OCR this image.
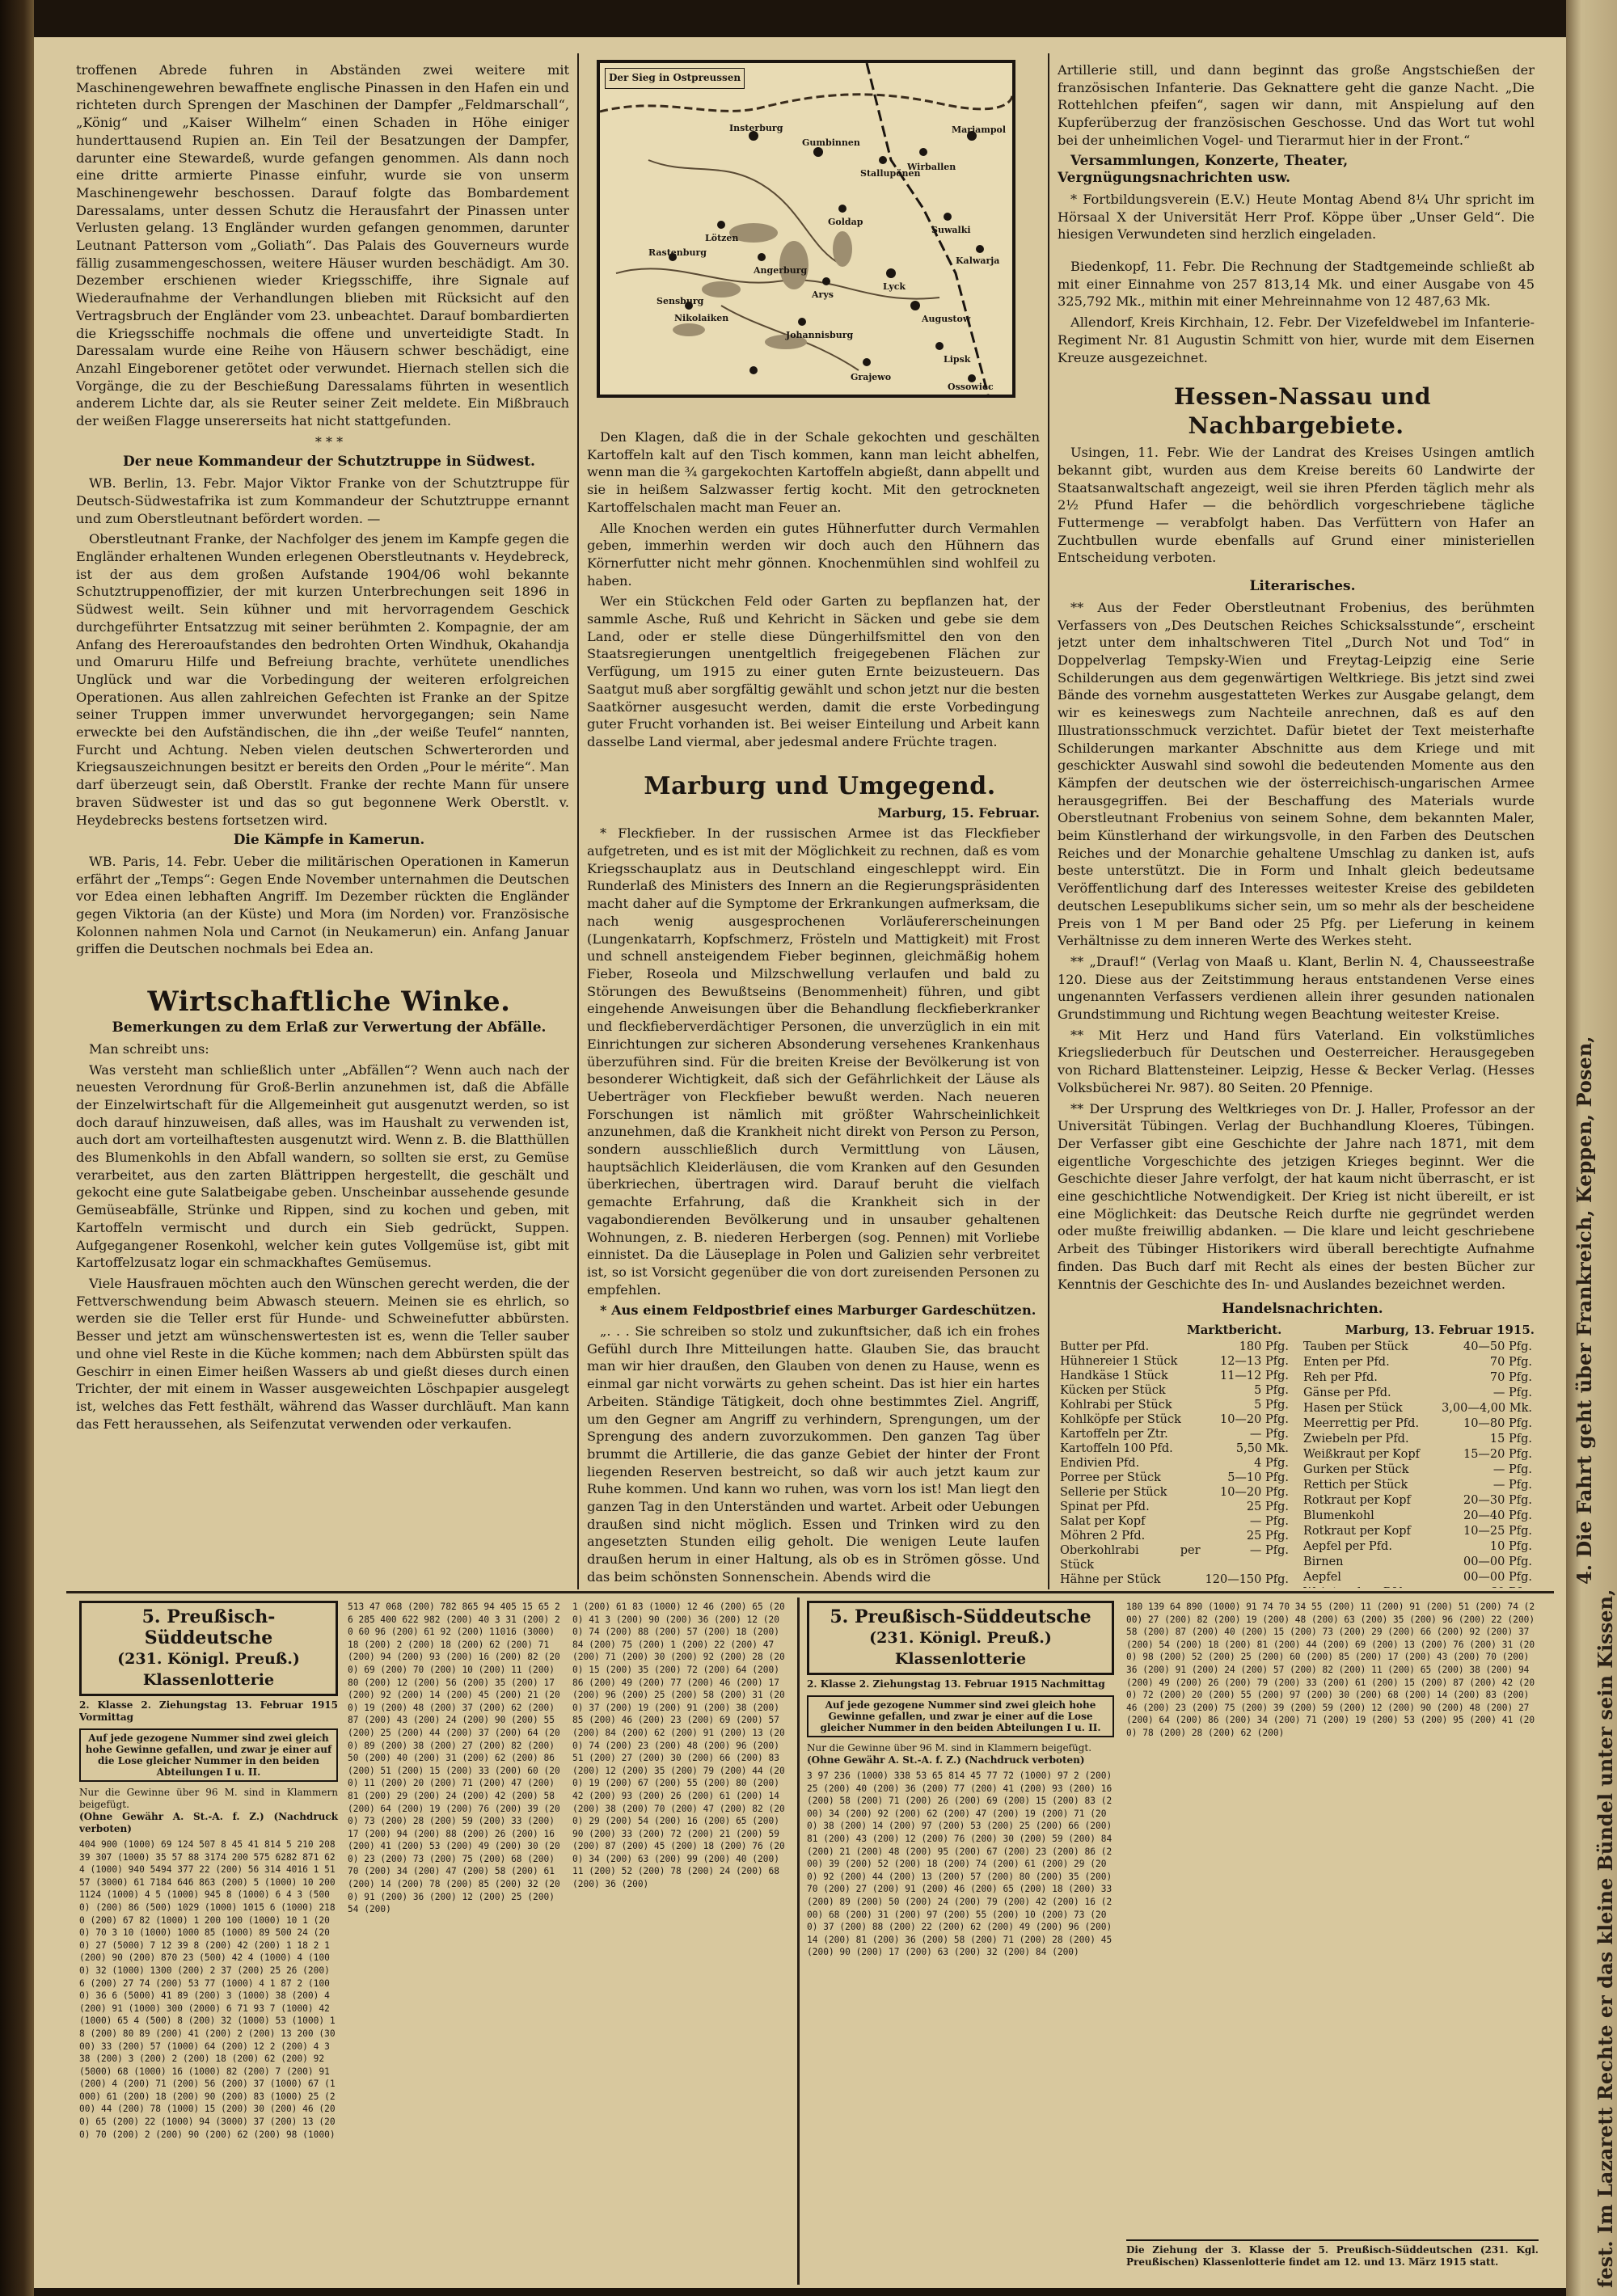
troffenen Abrede fuhren in Abständen zwei weitere mit Maschinengewehren bewaffnete englische Pinassen in den Hafen ein und richteten durch Sprengen der Maschinen der Dampfer „Feldmarschall“, „König“ und „Kaiser Wilhelm“ einen Schaden in Höhe einiger hunderttausend Rupien an. Ein Teil der Besatzungen der Dampfer, darunter eine Stewardeß, wurde gefangen genommen. Als dann noch eine dritte armierte Pinasse einfuhr, wurde sie von unserm Maschinengewehr beschossen. Darauf folgte das Bombardement Daressalams, unter dessen Schutz die Herausfahrt der Pinassen unter Verlusten gelang. 13 Engländer wurden gefangen genommen, darunter Leutnant Patterson vom „Goliath“. Das Palais des Gouverneurs wurde fällig zusammengeschossen, weitere Häuser wurden beschädigt. Am 30. Dezember erschienen wieder Kriegsschiffe, ihre Signale auf Wiederaufnahme der Verhandlungen blieben mit Rücksicht auf den Vertragsbruch der Engländer vom 23. unbeachtet. Darauf bombardierten die Kriegsschiffe nochmals die offene und unverteidigte Stadt. In Daressalam wurde eine Reihe von Häusern schwer beschädigt, eine Anzahl Eingeborener getötet oder verwundet. Hiernach stellen sich die Vorgänge, die zu der Beschießung Daressalams führten in wesentlich anderem Lichte dar, als sie Reuter seiner Zeit meldete. Ein Mißbrauch der weißen Flagge unsererseits hat nicht stattgefunden.

* * *

Der neue Kommandeur der Schutztruppe in Südwest.

WB. Berlin, 13. Febr. Major Viktor Franke von der Schutztruppe für Deutsch-Südwestafrika ist zum Kommandeur der Schutztruppe ernannt und zum Oberstleutnant befördert worden. —

Oberstleutnant Franke, der Nachfolger des jenem im Kampfe gegen die Engländer erhaltenen Wunden erlegenen Oberstleutnants v. Heydebreck, ist der aus dem großen Aufstande 1904/06 wohl bekannte Schutztruppenoffizier, der mit kurzen Unterbrechungen seit 1896 in Südwest weilt. Sein kühner und mit hervorragendem Geschick durchgeführter Entsatzzug mit seiner berühmten 2. Kompagnie, der am Anfang des Hereroaufstandes den bedrohten Orten Windhuk, Okahandja und Omaruru Hilfe und Befreiung brachte, verhütete unendliches Unglück und war die Vorbedingung der weiteren erfolgreichen Operationen. Aus allen zahlreichen Gefechten ist Franke an der Spitze seiner Truppen immer unverwundet hervorgegangen; sein Name erweckte bei den Aufständischen, die ihn „der weiße Teufel“ nannten, Furcht und Achtung. Neben vielen deutschen Schwerterorden und Kriegsauszeichnungen besitzt er bereits den Orden „Pour le mérite“. Man darf überzeugt sein, daß Oberstlt. Franke der rechte Mann für unsere braven Südwester ist und das so gut begonnene Werk Oberstlt. v. Heydebrecks bestens fortsetzen wird.

Die Kämpfe in Kamerun.

WB. Paris, 14. Febr. Ueber die militärischen Operationen in Kamerun erfährt der „Temps“: Gegen Ende November unternahmen die Deutschen vor Edea einen lebhaften Angriff. Im Dezember rückten die Engländer gegen Viktoria (an der Küste) und Mora (im Norden) vor. Französische Kolonnen nahmen Nola und Carnot (in Neukamerun) ein. Anfang Januar griffen die Deutschen nochmals bei Edea an.

Wirtschaftliche Winke.

Bemerkungen zu dem Erlaß zur Verwertung der Abfälle.

Man schreibt uns:

Was versteht man schließlich unter „Abfällen“? Wenn auch nach der neuesten Verordnung für Groß-Berlin anzunehmen ist, daß die Abfälle der Einzelwirtschaft für die Allgemeinheit gut ausgenutzt werden, so ist doch darauf hinzuweisen, daß alles, was im Haushalt zu verwenden ist, auch dort am vorteilhaftesten ausgenutzt wird. Wenn z. B. die Blatthüllen des Blumenkohls in den Abfall wandern, so sollten sie erst, zu Gemüse verarbeitet, aus den zarten Blättrippen hergestellt, die geschält und gekocht eine gute Salatbeigabe geben. Unscheinbar aussehende gesunde Gemüseabfälle, Strünke und Rippen, sind zu kochen und geben, mit Kartoffeln vermischt und durch ein Sieb gedrückt, Suppen. Aufgegangener Rosenkohl, welcher kein gutes Vollgemüse ist, gibt mit Kartoffelzusatz logar ein schmackhaftes Gemüsemus.

Viele Hausfrauen möchten auch den Wünschen gerecht werden, die der Fettverschwendung beim Abwasch steuern. Meinen sie es ehrlich, so werden sie die Teller erst für Hunde- und Schweinefutter abbürsten. Besser und jetzt am wünschenswertesten ist es, wenn die Teller sauber und ohne viel Reste in die Küche kommen; nach dem Abbürsten spült das Geschirr in einen Eimer heißen Wassers ab und gießt dieses durch einen Trichter, der mit einem in Wasser ausgeweichten Löschpapier ausgelegt ist, welches das Fett festhält, während das Wasser durchläuft. Man kann das Fett heraussehen, als Seifenzutat verwenden oder verkaufen.

Der Sieg in Ostpreussen
Insterburg
Gumbinnen
Stallupönen
Wirballen
Marjampol
Goldap
Lyck
Suwalki
Angerburg
Lötzen
Nikolaiken	Augustow
Johannisburg
Rastenburg
Sensburg
Arys
Kalwarja
Lipsk
Grajewo
Ossowiec

Den Klagen, daß die in der Schale gekochten und geschälten Kartoffeln kalt auf den Tisch kommen, kann man leicht abhelfen, wenn man die ¾ gargekochten Kartoffeln abgießt, dann abpellt und sie in heißem Salzwasser fertig kocht. Mit den getrockneten Kartoffelschalen macht man Feuer an.

Alle Knochen werden ein gutes Hühnerfutter durch Vermahlen geben, immerhin werden wir doch auch den Hühnern das Körnerfutter nicht mehr gönnen. Knochenmühlen sind wohlfeil zu haben.

Wer ein Stückchen Feld oder Garten zu bepflanzen hat, der sammle Asche, Ruß und Kehricht in Säcken und gebe sie dem Land, oder er stelle diese Düngerhilfsmittel den von den Staatsregierungen unentgeltlich freigegebenen Flächen zur Verfügung, um 1915 zu einer guten Ernte beizusteuern. Das Saatgut muß aber sorgfältig gewählt und schon jetzt nur die besten Saatkörner ausgesucht werden, damit die erste Vorbedingung guter Frucht vorhanden ist. Bei weiser Einteilung und Arbeit kann dasselbe Land viermal, aber jedesmal andere Früchte tragen.

Marburg und Umgegend.

Marburg, 15. Februar.

* Fleckfieber. In der russischen Armee ist das Fleckfieber aufgetreten, und es ist mit der Möglichkeit zu rechnen, daß es vom Kriegsschauplatz aus in Deutschland eingeschleppt wird. Ein Runderlaß des Ministers des Innern an die Regierungspräsidenten macht daher auf die Symptome der Erkrankungen aufmerksam, die nach wenig ausgesprochenen Vorläufererscheinungen (Lungenkatarrh, Kopfschmerz, Frösteln und Mattigkeit) mit Frost und schnell ansteigendem Fieber beginnen, gleichmäßig hohem Fieber, Roseola und Milzschwellung verlaufen und bald zu Störungen des Bewußtseins (Benommenheit) führen, und gibt eingehende Anweisungen über die Behandlung fleckfieberkranker und fleckfieberverdächtiger Personen, die unverzüglich in ein mit Einrichtungen zur sicheren Absonderung versehenes Krankenhaus überzuführen sind. Für die breiten Kreise der Bevölkerung ist von besonderer Wichtigkeit, daß sich der Gefährlichkeit der Läuse als Ueberträger von Fleckfieber bewußt werden. Nach neueren Forschungen ist nämlich mit größter Wahrscheinlichkeit anzunehmen, daß die Krankheit nicht direkt von Person zu Person, sondern ausschließlich durch Vermittlung von Läusen, hauptsächlich Kleiderläusen, die vom Kranken auf den Gesunden überkriechen, übertragen wird. Darauf beruht die vielfach gemachte Erfahrung, daß die Krankheit sich in der vagabondierenden Bevölkerung und in unsauber gehaltenen Wohnungen, z. B. niederen Herbergen (sog. Pennen) mit Vorliebe einnistet. Da die Läuseplage in Polen und Galizien sehr verbreitet ist, so ist Vorsicht gegenüber die von dort zureisenden Personen zu empfehlen.

* Aus einem Feldpostbrief eines Marburger Gardeschützen.

„. . . Sie schreiben so stolz und zukunftsicher, daß ich ein frohes Gefühl durch Ihre Mitteilungen hatte. Glauben Sie, das braucht man wir hier draußen, den Glauben von denen zu Hause, wenn es einmal gar nicht vorwärts zu gehen scheint. Das ist hier ein hartes Arbeiten. Ständige Tätigkeit, doch ohne bestimmtes Ziel. Angriff, um den Gegner am Angriff zu verhindern, Sprengungen, um der Sprengung des andern zuvorzukommen. Den ganzen Tag über brummt die Artillerie, die das ganze Gebiet der hinter der Front liegenden Reserven bestreicht, so daß wir auch jetzt kaum zur Ruhe kommen. Und kann wo ruhen, was vorn los ist! Man liegt den ganzen Tag in den Unterständen und wartet. Arbeit oder Uebungen draußen sind nicht möglich. Essen und Trinken wird zu den angesetzten Stunden eilig geholt. Die wenigen Leute laufen draußen herum in einer Haltung, als ob es in Strömen gösse. Und das beim schönsten Sonnenschein. Abends wird die

Artillerie still, und dann beginnt das große Angstschießen der französischen Infanterie. Das Geknattere geht die ganze Nacht. „Die Rottehlchen pfeifen“, sagen wir dann, mit Anspielung auf den Kupferüberzug der französischen Geschosse. Und das Wort tut wohl bei der unheimlichen Vogel- und Tierarmut hier in der Front.“

Versammlungen, Konzerte, Theater, Vergnügungsnachrichten usw.

* Fortbildungsverein (E.V.) Heute Montag Abend 8¼ Uhr spricht im Hörsaal X der Universität Herr Prof. Köppe über „Unser Geld“. Die hiesigen Verwundeten sind herzlich eingeladen.

Biedenkopf, 11. Febr. Die Rechnung der Stadtgemeinde schließt ab mit einer Einnahme von 257 813,14 Mk. und einer Ausgabe von 45 325,792 Mk., mithin mit einer Mehreinnahme von 12 487,63 Mk.

Allendorf, Kreis Kirchhain, 12. Febr. Der Vizefeldwebel im Infanterie-Regiment Nr. 81 Augustin Schmitt von hier, wurde mit dem Eisernen Kreuze ausgezeichnet.

Hessen-Nassau und Nachbargebiete.

Usingen, 11. Febr. Wie der Landrat des Kreises Usingen amtlich bekannt gibt, wurden aus dem Kreise bereits 60 Landwirte der Staatsanwaltschaft angezeigt, weil sie ihren Pferden täglich mehr als 2½ Pfund Hafer — die behördlich vorgeschriebene tägliche Futtermenge — verabfolgt haben. Das Verfüttern von Hafer an Zuchtbullen wurde ebenfalls auf Grund einer ministeriellen Entscheidung verboten.

Literarisches.

** Aus der Feder Oberstleutnant Frobenius, des berühmten Verfassers von „Des Deutschen Reiches Schicksalsstunde“, erscheint jetzt unter dem inhaltschweren Titel „Durch Not und Tod“ in Doppelverlag Tempsky-Wien und Freytag-Leipzig eine Serie Schilderungen aus dem gegenwärtigen Weltkriege. Bis jetzt sind zwei Bände des vornehm ausgestatteten Werkes zur Ausgabe gelangt, dem wir es keineswegs zum Nachteile anrechnen, daß es auf den Illustrationsschmuck verzichtet. Dafür bietet der Text meisterhafte Schilderungen markanter Abschnitte aus dem Kriege und mit geschickter Auswahl sind sowohl die bedeutenden Momente aus den Kämpfen der deutschen wie der österreichisch-ungarischen Armee herausgegriffen. Bei der Beschaffung des Materials wurde Oberstleutnant Frobenius von seinem Sohne, dem bekannten Maler, beim Künstlerhand der wirkungsvolle, in den Farben des Deutschen Reiches und der Monarchie gehaltene Umschlag zu danken ist, aufs beste unterstützt. Die in Form und Inhalt gleich bedeutsame Veröffentlichung darf des Interesses weitester Kreise des gebildeten deutschen Lesepublikums sicher sein, um so mehr als der bescheidene Preis von 1 M per Band oder 25 Pfg. per Lieferung in keinem Verhältnisse zu dem inneren Werte des Werkes steht.

** „Drauf!“ (Verlag von Maaß u. Klant, Berlin N. 4, Chausseestraße 120. Diese aus der Zeitstimmung heraus entstandenen Verse eines ungenannten Verfassers verdienen allein ihrer gesunden nationalen Grundstimmung und Richtung wegen Beachtung weitester Kreise.

** Mit Herz und Hand fürs Vaterland. Ein volkstümliches Kriegsliederbuch für Deutschen und Oesterreicher. Herausgegeben von Richard Blattensteiner. Leipzig, Hesse & Becker Verlag. (Hesses Volksbücherei Nr. 987). 80 Seiten. 20 Pfennige.

** Der Ursprung des Weltkrieges von Dr. J. Haller, Professor an der Universität Tübingen. Verlag der Buchhandlung Kloeres, Tübingen. Der Verfasser gibt eine Geschichte der Jahre nach 1871, mit dem eigentliche Vorgeschichte des jetzigen Krieges beginnt. Wer die Geschichte dieser Jahre verfolgt, der hat kaum nicht überrascht, er ist eine geschichtliche Notwendigkeit. Der Krieg ist nicht übereilt, er ist eine Möglichkeit: das Deutsche Reich durfte nie gegründet werden oder mußte freiwillig abdanken. — Die klare und leicht geschriebene Arbeit des Tübinger Historikers wird überall berechtigte Aufnahme finden. Das Buch darf mit Recht als eines der besten Bücher zur Kenntnis der Geschichte des In- und Auslandes bezeichnet werden.

Handelsnachrichten.

Marktbericht.	Marburg, 13. Februar 1915.
Butter per Pfd.	180 Pfg.
Hühnereier 1 Stück	12—13 Pfg.
Handkäse 1 Stück	11—12 Pfg.
Kücken per Stück	5 Pfg.
Kohlrabi per Stück	5 Pfg.
Kohlköpfe per Stück	10—20 Pfg.
Kartoffeln per Ztr.	— Pfg.
Kartoffeln 100 Pfd.	5,50 Mk.
Endivien Pfd.	4 Pfg.
Porree per Stück	5—10 Pfg.
Sellerie per Stück	10—20 Pfg.
Spinat per Pfd.	25 Pfg.
Salat per Kopf	— Pfg.
Möhren 2 Pfd.	25 Pfg.
Oberkohlrabi per Stück	— Pfg.
Hähne per Stück	120—150 Pfg.

Tauben per Stück	40—50 Pfg.
Enten per Pfd.	70 Pfg.
Reh per Pfd.	70 Pfg.
Gänse per Pfd.	— Pfg.
Hasen per Stück	3,00—4,00 Mk.
Meerrettig per Pfd.	10—80 Pfg.
Zwiebeln per Pfd.	15 Pfg.
Weißkraut per Kopf	15—20 Pfg.
Gurken per Stück	— Pfg.
Rettich per Stück	— Pfg.
Rotkraut per Kopf	20—30 Pfg.
Blumenkohl	20—40 Pfg.
Rotkraut per Kopf	10—25 Pfg.
Aepfel per Pfd.	10 Pfg.
Birnen	00—00 Pfg.
Aepfel	00—00 Pfg.

5. Preußisch-Süddeutsche
(231. Königl. Preuß.) Klassenlotterie
2. Klasse 2. Ziehungstag 13. Februar 1915 Vormittag
Auf jede gezogene Nummer sind zwei gleich hohe Gewinne gefallen, und zwar je einer auf die Lose gleicher Nummer in den beiden Abteilungen I u. II.
Nur die Gewinne über 96 M. sind in Klammern beigefügt.
(Ohne Gewähr A. St.-A. f. Z.) (Nachdruck verboten)
404 900 (1000) 69 124 507 8 45 41 814 5 210 208 39 307 (1000) 35 57 88 3174 200 575 6282 871 624 (1000) 940 5494 377 22 (200) 56 314 4016 1 51 57 (3000) 61 7184 646 863 (200) 5 (1000) 10 200 1124 (1000) 4 5 (1000) 945 8 (1000) 6 4 3 (5000) (200) 86 (500) 1029 (1000) 1015 6 (1000) 2180 (200) 67 82 (1000) 1 200 100 (1000) 10 1 (200) 70 3 10 (1000) 1000 85 (1000) 89 500 24 (200) 27 (5000) 7 12 39 8 (200) 42 (200) 1 18 2 1 (200) 90 (200) 870 23 (500) 42 4 (1000) 4 (1000) 32 (1000) 1300 (200) 2 37 (200) 25 26 (200) 6 (200) 27 74 (200) 53 77 (1000) 4 1 87 2 (1000) 36 6 (5000) 41 89 (200) 3 (1000) 38 (200) 4 (200) 91 (1000) 300 (2000) 6 71 93 7 (1000) 42 (1000) 65 4 (500) 8 (200) 32 (1000) 53 (1000) 18 (200) 80 89 (200) 41 (200) 2 (200) 13 200 (3000) 33 (200) 57 (1000) 64 (200) 12 2 (200) 4 3 38 (200) 3 (200) 2 (200) 18 (200) 62 (200) 92 (5000) 68 (1000) 16 (1000) 82 (200) 7 (200) 91 (200) 4 (200) 71 (200) 56 (200) 37 (1000) 67 (1000) 61 (200) 18 (200) 90 (200) 83 (1000) 25 (200) 44 (200) 78 (1000) 15 (200) 30 (200) 46 (200) 65 (200) 22 (1000) 94 (3000) 37 (200) 13 (200) 70 (200) 2 (200) 90 (200) 62 (200) 98 (1000)
513 47 068 (200) 782 865 94 405 15 65 26 285 400 622 982 (200) 40 3 31 (200) 20 60 96 (200) 61 92 (200) 11016 (3000) 18 (200) 2 (200) 18 (200) 62 (200) 71 (200) 94 (200) 93 (200) 16 (200) 82 (200) 69 (200) 70 (200) 10 (200) 11 (200) 80 (200) 12 (200) 56 (200) 35 (200) 17 (200) 92 (200) 14 (200) 45 (200) 21 (200) 19 (200) 48 (200) 37 (200) 62 (200) 87 (200) 43 (200) 24 (200) 90 (200) 55 (200) 25 (200) 44 (200) 37 (200) 64 (200) 89 (200) 38 (200) 27 (200) 82 (200) 50 (200) 40 (200) 31 (200) 62 (200) 86 (200) 51 (200) 15 (200) 33 (200) 60 (200) 11 (200) 20 (200) 71 (200) 47 (200) 81 (200) 29 (200) 24 (200) 42 (200) 58 (200) 64 (200) 19 (200) 76 (200) 39 (200) 73 (200) 28 (200) 59 (200) 33 (200) 17 (200) 94 (200) 88 (200) 26 (200) 16 (200) 41 (200) 53 (200) 49 (200) 30 (200) 23 (200) 73 (200) 75 (200) 68 (200) 70 (200) 34 (200) 47 (200) 58 (200) 61 (200) 14 (200) 78 (200) 85 (200) 32 (200) 91 (200) 36 (200) 12 (200) 25 (200) 54 (200)
1 (200) 61 83 (1000) 12 46 (200) 65 (200) 41 3 (200) 90 (200) 36 (200) 12 (200) 74 (200) 88 (200) 57 (200) 18 (200) 84 (200) 75 (200) 1 (200) 22 (200) 47 (200) 71 (200) 30 (200) 92 (200) 28 (200) 15 (200) 35 (200) 72 (200) 64 (200) 86 (200) 49 (200) 77 (200) 46 (200) 17 (200) 96 (200) 25 (200) 58 (200) 31 (200) 37 (200) 19 (200) 91 (200) 38 (200) 85 (200) 46 (200) 23 (200) 69 (200) 57 (200) 84 (200) 62 (200) 91 (200) 13 (200) 74 (200) 23 (200) 48 (200) 96 (200) 51 (200) 27 (200) 30 (200) 66 (200) 83 (200) 12 (200) 35 (200) 79 (200) 44 (200) 19 (200) 67 (200) 55 (200) 80 (200) 42 (200) 93 (200) 26 (200) 61 (200) 14 (200) 38 (200) 70 (200) 47 (200) 82 (200) 29 (200) 54 (200) 16 (200) 65 (200) 90 (200) 33 (200) 72 (200) 21 (200) 59 (200) 87 (200) 45 (200) 18 (200) 76 (200) 34 (200) 63 (200) 99 (200) 40 (200) 11 (200) 52 (200) 78 (200) 24 (200) 68 (200) 36 (200)
5. Preußisch-Süddeutsche
(231. Königl. Preuß.) Klassenlotterie
2. Klasse 2. Ziehungstag 13. Februar 1915 Nachmittag
Auf jede gezogene Nummer sind zwei gleich hohe Gewinne gefallen, und zwar je einer auf die Lose gleicher Nummer in den beiden Abteilungen I u. II.
Nur die Gewinne über 96 M. sind in Klammern beigefügt.
(Ohne Gewähr A. St.-A. f. Z.) (Nachdruck verboten)
3 97 236 (1000) 338 53 65 814 45 77 72 (1000) 97 2 (200) 25 (200) 40 (200) 36 (200) 77 (200) 41 (200) 93 (200) 16 (200) 58 (200) 71 (200) 26 (200) 69 (200) 15 (200) 83 (200) 34 (200) 92 (200) 62 (200) 47 (200) 19 (200) 71 (200) 38 (200) 14 (200) 97 (200) 53 (200) 25 (200) 66 (200) 81 (200) 43 (200) 12 (200) 76 (200) 30 (200) 59 (200) 84 (200) 21 (200) 48 (200) 95 (200) 67 (200) 23 (200) 86 (200) 39 (200) 52 (200) 18 (200) 74 (200) 61 (200) 29 (200) 92 (200) 44 (200) 13 (200) 57 (200) 80 (200) 35 (200) 70 (200) 27 (200) 91 (200) 46 (200) 65 (200) 18 (200) 33 (200) 89 (200) 50 (200) 24 (200) 79 (200) 42 (200) 16 (200) 68 (200) 31 (200) 97 (200) 55 (200) 10 (200) 73 (200) 37 (200) 88 (200) 22 (200) 62 (200) 49 (200) 96 (200) 14 (200) 81 (200) 36 (200) 58 (200) 71 (200) 28 (200) 45 (200) 90 (200) 17 (200) 63 (200) 32 (200) 84 (200)
180 139 64 890 (1000) 91 74 70 34 55 (200) 11 (200) 91 (200) 51 (200) 74 (200) 27 (200) 82 (200) 19 (200) 48 (200) 63 (200) 35 (200) 96 (200) 22 (200) 58 (200) 87 (200) 40 (200) 15 (200) 73 (200) 29 (200) 66 (200) 92 (200) 37 (200) 54 (200) 18 (200) 81 (200) 44 (200) 69 (200) 13 (200) 76 (200) 31 (200) 98 (200) 52 (200) 25 (200) 60 (200) 85 (200) 17 (200) 43 (200) 70 (200) 36 (200) 91 (200) 24 (200) 57 (200) 82 (200) 11 (200) 65 (200) 38 (200) 94 (200) 49 (200) 26 (200) 79 (200) 33 (200) 61 (200) 15 (200) 87 (200) 42 (200) 72 (200) 20 (200) 55 (200) 97 (200) 30 (200) 68 (200) 14 (200) 83 (200) 46 (200) 23 (200) 75 (200) 39 (200) 59 (200) 12 (200) 90 (200) 48 (200) 27 (200) 64 (200) 86 (200) 34 (200) 71 (200) 19 (200) 53 (200) 95 (200) 41 (200) 78 (200) 28 (200) 62 (200)
Die Ziehung der 3. Klasse der 5. Preußisch-Süddeutschen (231. Kgl. Preußischen) Klassenlotterie findet am 12. und 13. März 1915 statt.
4. Die Fahrt geht über Frankreich, Keppen, Posen,
fest. Im Lazarett Rechte er das kleine Bündel unter sein Kissen,
